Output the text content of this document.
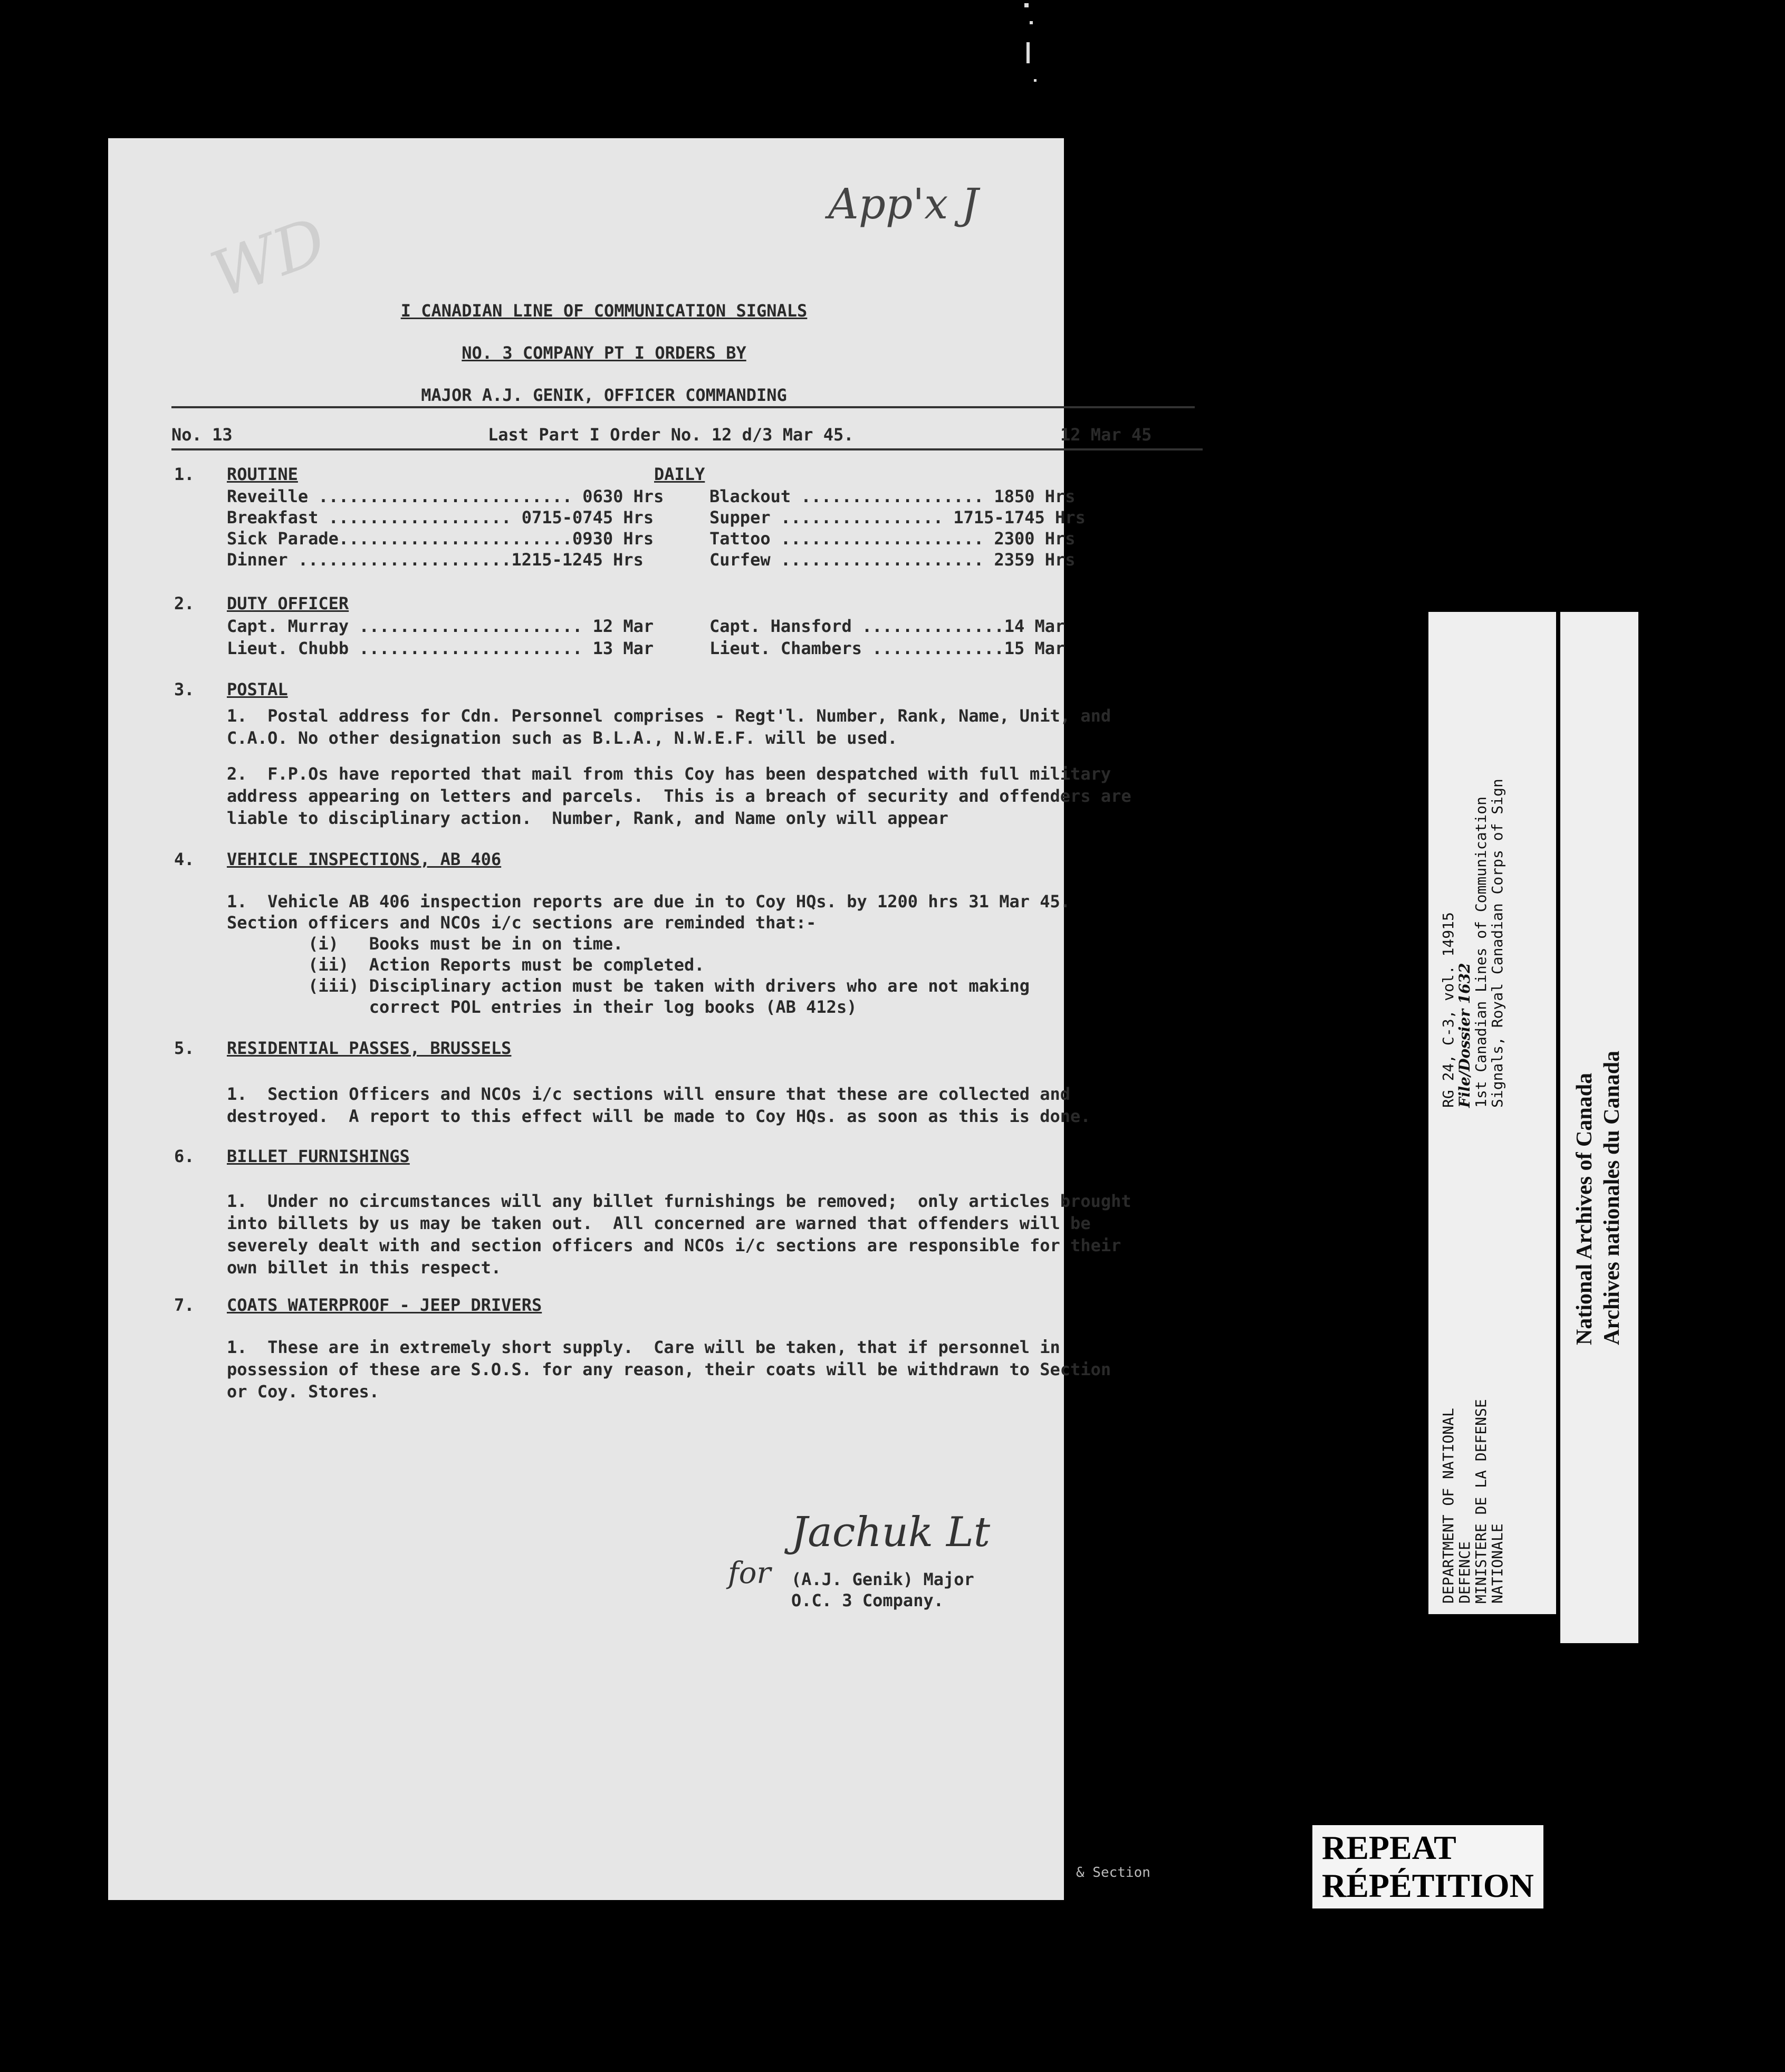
App'x J
WD	I CANADIAN LINE OF COMMUNICATION SIGNALS
NO. 3 COMPANY PT I ORDERS BY
MAJOR A.J. GENIK, OFFICER COMMANDING
No. 13	Last Part I Order No. 12 d/3 Mar 45.	12 Mar 45
1. ROUTINE	DAILY
Reveille ......................... 0630 Hrs	Blackout .................. 1850 Hrs
Breakfast .................. 0715-0745 Hrs	Supper ................ 1715-1745 Hrs
Sick Parade.......................0930 Hrs	Tattoo .................... 2300 Hrs
Dinner .....................1215-1245 Hrs	Curfew .................... 2359 Hrs
2. DUTY OFFICER
Capt. Murray ...................... 12 Mar	Capt. Hansford ..............14 Mar
Lieut. Chubb ...................... 13 Mar	Lieut. Chambers .............15 Mar
3. POSTAL
1.  Postal address for Cdn. Personnel comprises - Regt'l. Number, Rank, Name, Unit, and
C.A.O. No other designation such as B.L.A., N.W.E.F. will be used.
2.  F.P.Os have reported that mail from this Coy has been despatched with full military
address appearing on letters and parcels.  This is a breach of security and offenders are
liable to disciplinary action.  Number, Rank, and Name only will appear
4. VEHICLE INSPECTIONS, AB 406
1.  Vehicle AB 406 inspection reports are due in to Coy HQs. by 1200 hrs 31 Mar 45.
Section officers and NCOs i/c sections are reminded that:-
(i)   Books must be in on time.
(ii)  Action Reports must be completed.
(iii) Disciplinary action must be taken with drivers who are not making
correct POL entries in their log books (AB 412s)
5. RESIDENTIAL PASSES, BRUSSELS
1.  Section Officers and NCOs i/c sections will ensure that these are collected and
destroyed.  A report to this effect will be made to Coy HQs. as soon as this is done.
6. BILLET FURNISHINGS
1.  Under no circumstances will any billet furnishings be removed;  only articles brought
into billets by us may be taken out.  All concerned are warned that offenders will be
severely dealt with and section officers and NCOs i/c sections are responsible for their
own billet in this respect.
7. COATS WATERPROOF - JEEP DRIVERS
1.  These are in extremely short supply.  Care will be taken, that if personnel in
possession of these are S.O.S. for any reason, their coats will be withdrawn to Section
or Coy. Stores.
Jachuk Lt
for (A.J. Genik) Major
O.C. 3 Company.
& Section
DEPARTMENT OF NATIONAL
DEFENCE
MINISTERE DE LA DEFENSE
NATIONALE
RG 24, C-3, vol. 14915
File/Dossier 1632
1st Canadian Lines of Communication
Signals, Royal Canadian Corps of Sign
National Archives of Canada Archives nationales du Canada
REPEAT
RÉPÉTITION
